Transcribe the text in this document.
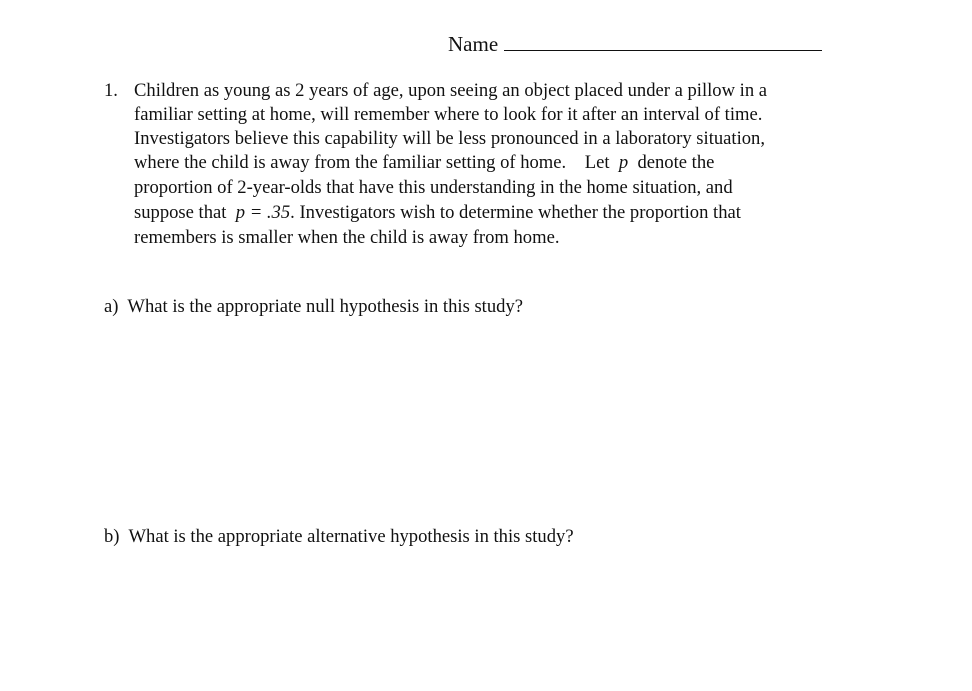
Name
1. Children as young as 2 years of age, upon seeing an object placed under a pillow in a
familiar setting at home, will remember where to look for it after an interval of time.
Investigators believe this capability will be less pronounced in a laboratory situation,
where the child is away from the familiar setting of home. Let p denote the
proportion of 2-year-olds that have this understanding in the home situation, and
suppose that p = .35. Investigators wish to determine whether the proportion that
remembers is smaller when the child is away from home.
a) What is the appropriate null hypothesis in this study?
b) What is the appropriate alternative hypothesis in this study?
